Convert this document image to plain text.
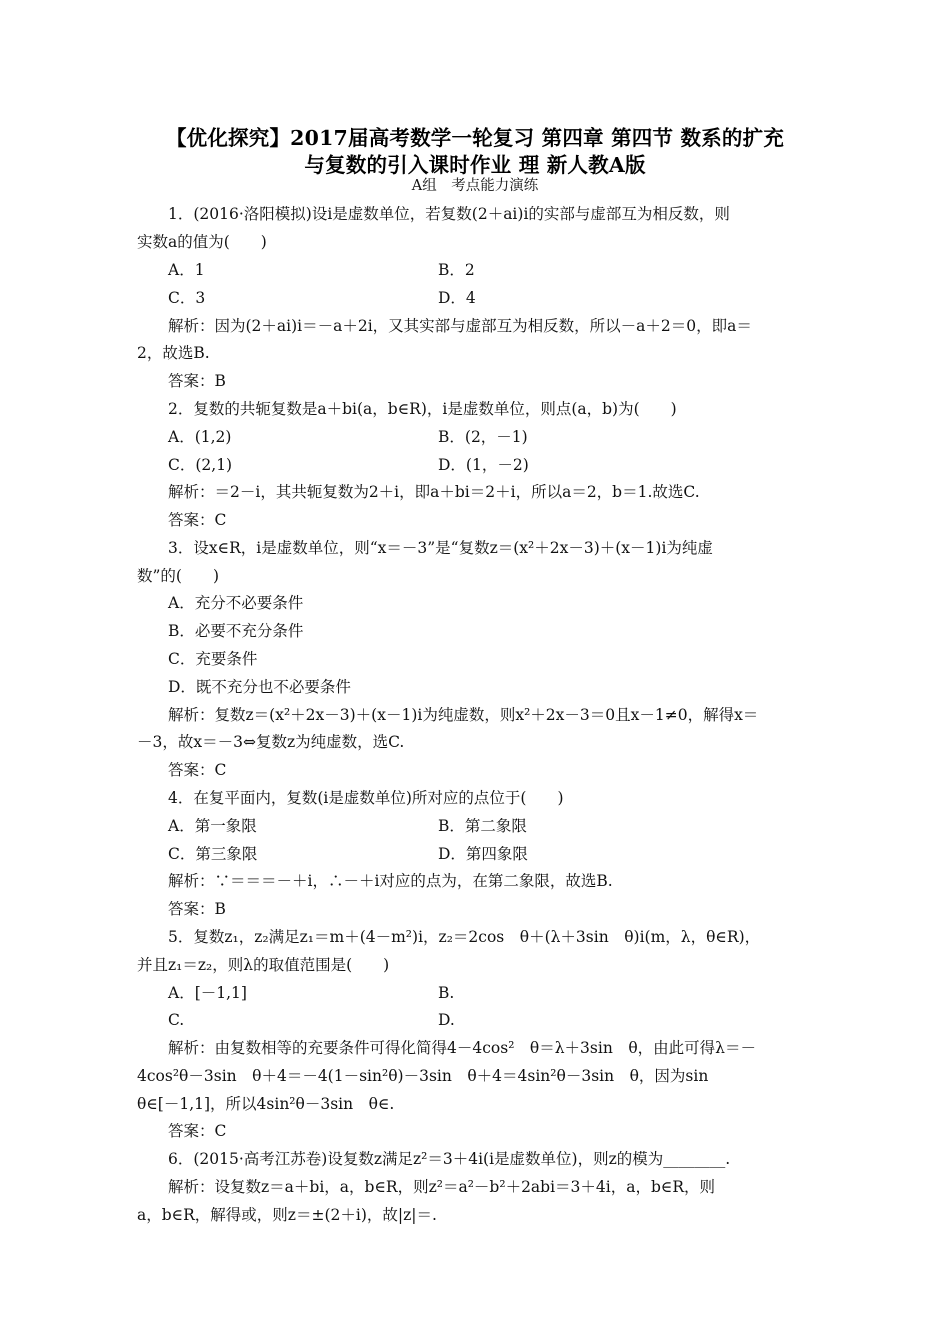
【优化探究】2017届高考数学一轮复习 第四章 第四节 数系的扩充
与复数的引入课时作业 理 新人教A版
A组　考点能力演练
1．(2016·洛阳模拟)设i是虚数单位，若复数(2＋ai)i的实部与虚部互为相反数，则
实数a的值为(　　)
A．1	B．2
C．3	D．4
解析：因为(2＋ai)i＝－a＋2i，又其实部与虚部互为相反数，所以－a＋2＝0，即a＝
2，故选B.
答案：B
2．复数的共轭复数是a＋bi(a，b∈R)，i是虚数单位，则点(a，b)为(　　)
A．(1,2)	B．(2，－1)
C．(2,1)	D．(1，－2)
解析：＝2－i，其共轭复数为2＋i，即a＋bi＝2＋i，所以a＝2，b＝1.故选C.
答案：C
3．设x∈R，i是虚数单位，则“x＝－3”是“复数z＝(x²＋2x－3)＋(x－1)i为纯虚
数”的(　　)
A．充分不必要条件
B．必要不充分条件
C．充要条件
D．既不充分也不必要条件
解析：复数z＝(x²＋2x－3)＋(x－1)i为纯虚数，则x²＋2x－3＝0且x－1≠0，解得x＝
－3，故x＝－3⇔复数z为纯虚数，选C.
答案：C
4．在复平面内，复数(i是虚数单位)所对应的点位于(　　)
A．第一象限	B．第二象限
C．第三象限	D．第四象限
解析：∵＝＝＝－＋i，∴－＋i对应的点为，在第二象限，故选B.
答案：B
5．复数z₁，z₂满足z₁＝m＋(4－m²)i，z₂＝2cos　θ＋(λ＋3sin　θ)i(m，λ，θ∈R)，
并且z₁＝z₂，则λ的取值范围是(　　)
A．[－1,1]	B.
C.	D.
解析：由复数相等的充要条件可得化简得4－4cos²　θ＝λ＋3sin　θ，由此可得λ＝－
4cos²θ－3sin　θ＋4＝－4(1－sin²θ)－3sin　θ＋4＝4sin²θ－3sin　θ，因为sin
θ∈[－1,1]，所以4sin²θ－3sin　θ∈.
答案：C
6．(2015·高考江苏卷)设复数z满足z²＝3＋4i(i是虚数单位)，则z的模为________.
解析：设复数z＝a＋bi，a，b∈R，则z²＝a²－b²＋2abi＝3＋4i，a，b∈R，则
a，b∈R，解得或，则z＝±(2＋i)，故|z|＝.
